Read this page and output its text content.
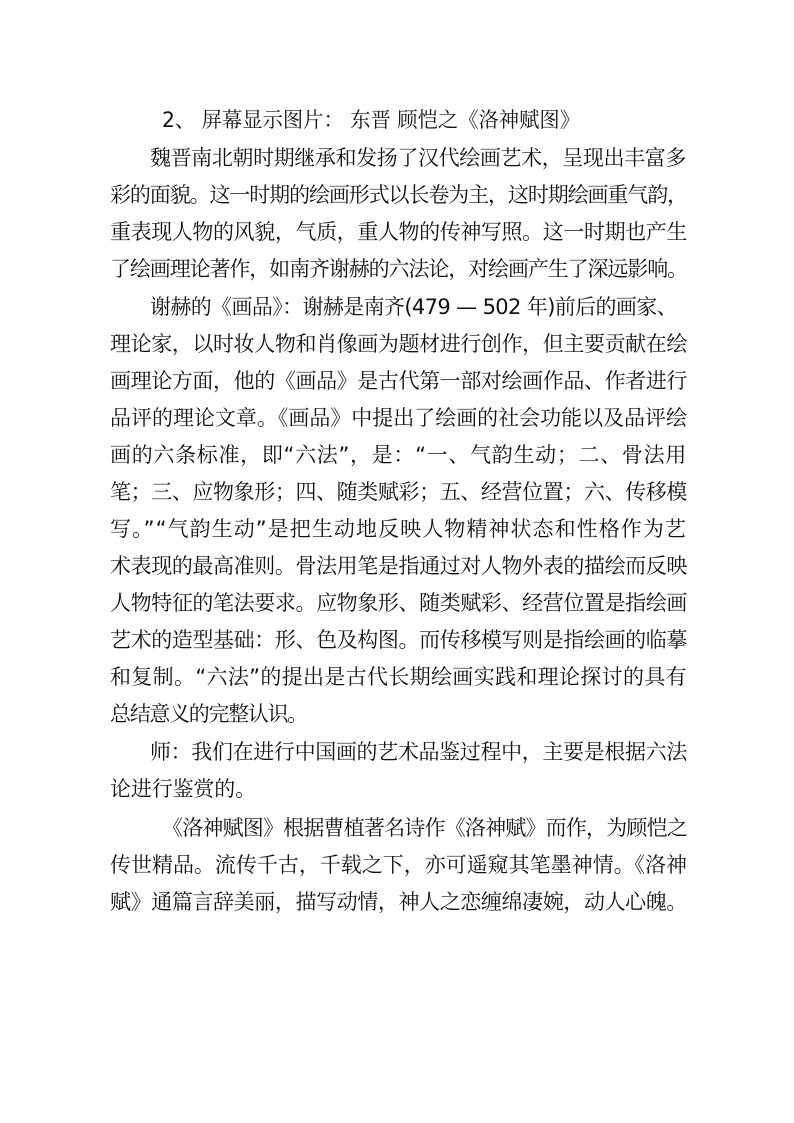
2、 屏幕显示图片： 东晋 顾恺之《洛神赋图》
魏晋南北朝时期继承和发扬了汉代绘画艺术，呈现出丰富多
彩的面貌。这一时期的绘画形式以长卷为主，这时期绘画重气韵，
重表现人物的风貌，气质，重人物的传神写照。这一时期也产生
了绘画理论著作，如南齐谢赫的六法论，对绘画产生了深远影响。
谢赫的《画品》：谢赫是南齐(479 — 502 年)前后的画家、
理论家，以时妆人物和肖像画为题材进行创作，但主要贡献在绘
画理论方面，他的《画品》是古代第一部对绘画作品、作者进行
品评的理论文章。《画品》中提出了绘画的社会功能以及品评绘
画的六条标准，即“六法”，是：“一、气韵生动；二、骨法用
笔；三、应物象形；四、随类赋彩；五、经营位置；六、传移模
写。”“气韵生动”是把生动地反映人物精神状态和性格作为艺
术表现的最高准则。骨法用笔是指通过对人物外表的描绘而反映
人物特征的笔法要求。应物象形、随类赋彩、经营位置是指绘画
艺术的造型基础：形、色及构图。而传移模写则是指绘画的临摹
和复制。“六法”的提出是古代长期绘画实践和理论探讨的具有
总结意义的完整认识。
师：我们在进行中国画的艺术品鉴过程中，主要是根据六法
论进行鉴赏的。
《洛神赋图》根据曹植著名诗作《洛神赋》而作，为顾恺之
传世精品。流传千古，千载之下，亦可遥窥其笔墨神情。《洛神
赋》通篇言辞美丽，描写动情，神人之恋缠绵凄婉，动人心魄。
